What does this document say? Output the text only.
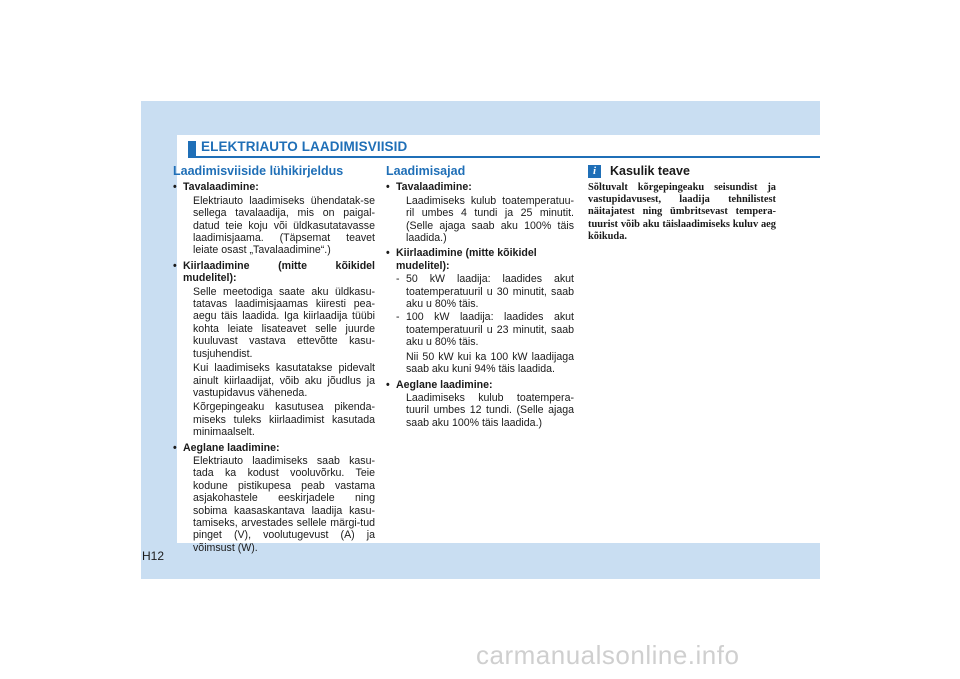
ELEKTRIAUTO LAADIMISVIISID
Laadimisviiside lühikirjeldus
• Tavalaadimine:
Elektriauto laadimiseks ühendatak-se sellega tavalaadija, mis on paigal-datud teie koju või üldkasutatavasse laadimisjaama. (Täpsemat teavet leiate osast „Tavalaadimine“.)
• Kiirlaadimine (mitte kõikidel mudelitel):
Selle meetodiga saate aku üldkasu-tatavas laadimisjaamas kiiresti pea-aegu täis laadida. Iga kiirlaadija tüübi kohta leiate lisateavet selle juurde kuuluvast vastava ettevõtte kasu-tusjuhendist.
Kui laadimiseks kasutatakse pidevalt ainult kiirlaadijat, võib aku jõudlus ja vastupidavus väheneda.
Kõrgepingeaku kasutusea pikenda-miseks tuleks kiirlaadimist kasutada minimaalselt.
• Aeglane laadimine:
Elektriauto laadimiseks saab kasu-tada ka kodust vooluvõrku. Teie kodune pistikupesa peab vastama asjakohastele eeskirjadele ning sobima kaasaskantava laadija kasu-tamiseks, arvestades sellele märgi-tud pinget (V), voolutugevust (A) ja võimsust (W).
Laadimisajad
• Tavalaadimine:
Laadimiseks kulub toatemperatuu-ril umbes 4 tundi ja 25 minutit. (Selle ajaga saab aku 100% täis laadida.)
• Kiirlaadimine (mitte kõikidel mudelitel):
- 50 kW laadija: laadides akut toatemperatuuril u 30 minutit, saab aku u 80% täis.
- 100 kW laadija: laadides akut toatemperatuuril u 23 minutit, saab aku u 80% täis.
Nii 50 kW kui ka 100 kW laadijaga saab aku kuni 94% täis laadida.
• Aeglane laadimine:
Laadimiseks kulub toatempera-tuuril umbes 12 tundi. (Selle ajaga saab aku 100% täis laadida.)
i	Kasulik teave
Sõltuvalt kõrgepingeaku seisundist ja vastupidavusest, laadija tehnilistest näitajatest ning ümbritsevast tempera-tuurist võib aku täislaadimiseks kuluv aeg kõikuda.
H12
carmanualsonline.info
